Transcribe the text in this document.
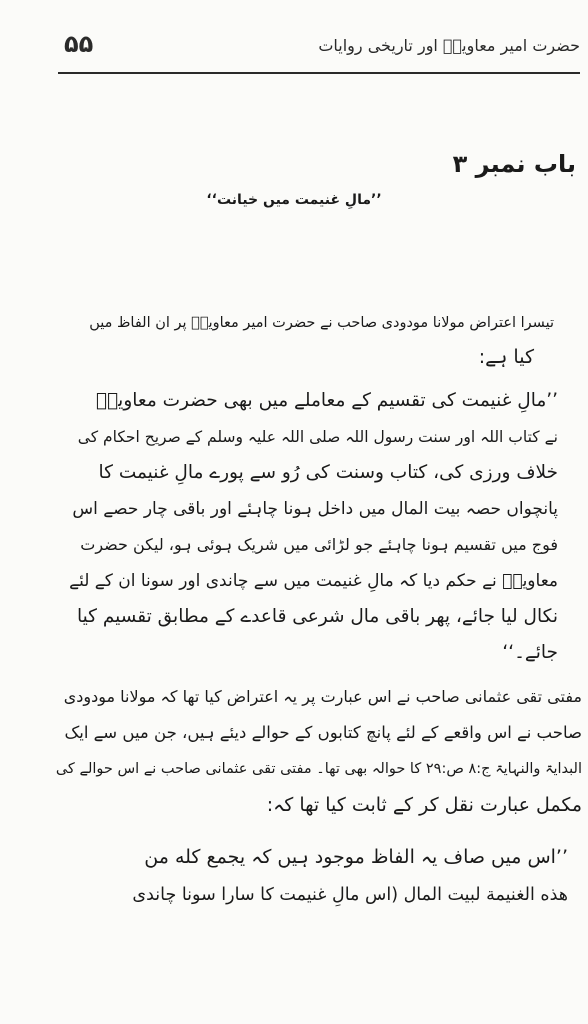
۵۵	حضرت امیر معاویہؓ اور تاریخی روایات
باب نمبر ۳
’’مالِ غنیمت میں خیانت‘‘
تیسرا اعتراض مولانا مودودی صاحب نے حضرت امیر معاویہؓ پر ان الفاظ میں
کیا ہے:
’’مالِ غنیمت کی تقسیم کے معاملے میں بھی حضرت معاویہؓ
نے کتاب اللہ اور سنت رسول اللہ صلی اللہ علیہ وسلم کے صریح احکام کی
خلاف ورزی کی، کتاب وسنت کی رُو سے پورے مالِ غنیمت کا
پانچواں حصہ بیت المال میں داخل ہونا چاہئے اور باقی چار حصے اس
فوج میں تقسیم ہونا چاہئے جو لڑائی میں شریک ہوئی ہو، لیکن حضرت
معاویہؓ نے حکم دیا کہ مالِ غنیمت میں سے چاندی اور سونا ان کے لئے
نکال لیا جائے، پھر باقی مال شرعی قاعدے کے مطابق تقسیم کیا
جائے۔‘‘
مفتی تقی عثمانی صاحب نے اس عبارت پر یہ اعتراض کیا تھا کہ مولانا مودودی
صاحب نے اس واقعے کے لئے پانچ کتابوں کے حوالے دیئے ہیں، جن میں سے ایک
البدایۃ والنہایۃ ج:۸ ص:۲۹ کا حوالہ بھی تھا۔ مفتی تقی عثمانی صاحب نے اس حوالے کی
مکمل عبارت نقل کر کے ثابت کیا تھا کہ:
’’اس میں صاف یہ الفاظ موجود ہیں کہ يجمع كله من
هذه الغنيمة لبيت المال (اس مالِ غنیمت کا سارا سونا چاندی
